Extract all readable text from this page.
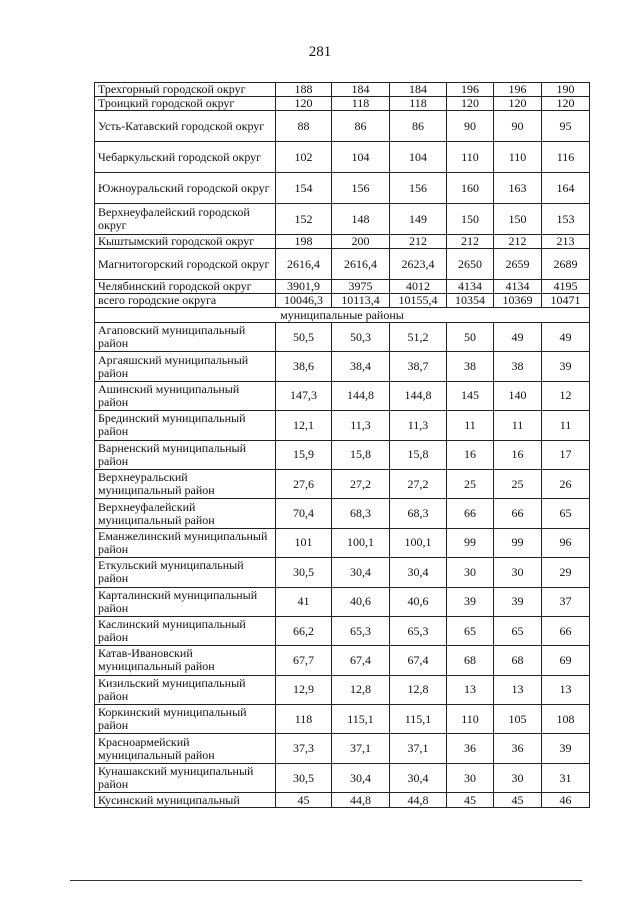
281
Трехгорный городской округ	188	184	184	196	196	190
Троицкий городской округ	120	118	118	120	120	120
Усть-Катавский городской округ	88	86	86	90	90	95
Чебаркульский городской округ	102	104	104	110	110	116
Южноуральский городской округ	154	156	156	160	163	164
Верхнеуфалейский городской округ	152	148	149	150	150	153
Кыштымский городской округ	198	200	212	212	212	213
Магнитогорский городской округ	2616,4	2616,4	2623,4	2650	2659	2689
Челябинский городской округ	3901,9	3975	4012	4134	4134	4195
всего городские округа	10046,3	10113,4	10155,4	10354	10369	10471
муниципальные районы						
Агаповский муниципальный район	50,5	50,3	51,2	50	49	49
Аргаяшский муниципальный район	38,6	38,4	38,7	38	38	39
Ашинский муниципальный район	147,3	144,8	144,8	145	140	12
Брединский муниципальный район	12,1	11,3	11,3	11	11	11
Варненский муниципальный район	15,9	15,8	15,8	16	16	17
Верхнеуральский муниципальный район	27,6	27,2	27,2	25	25	26
Верхнеуфалейский муниципальный район	70,4	68,3	68,3	66	66	65
Еманжелинский муниципальный район	101	100,1	100,1	99	99	96
Еткульский муниципальный район	30,5	30,4	30,4	30	30	29
Карталинский муниципальный район	41	40,6	40,6	39	39	37
Каслинский муниципальный район	66,2	65,3	65,3	65	65	66
Катав-Ивановский муниципальный район	67,7	67,4	67,4	68	68	69
Кизильский муниципальный район	12,9	12,8	12,8	13	13	13
Коркинский муниципальный район	118	115,1	115,1	110	105	108
Красноармейский муниципальный район	37,3	37,1	37,1	36	36	39
Кунашакский муниципальный район	30,5	30,4	30,4	30	30	31
Кусинский муниципальный	45	44,8	44,8	45	45	46
